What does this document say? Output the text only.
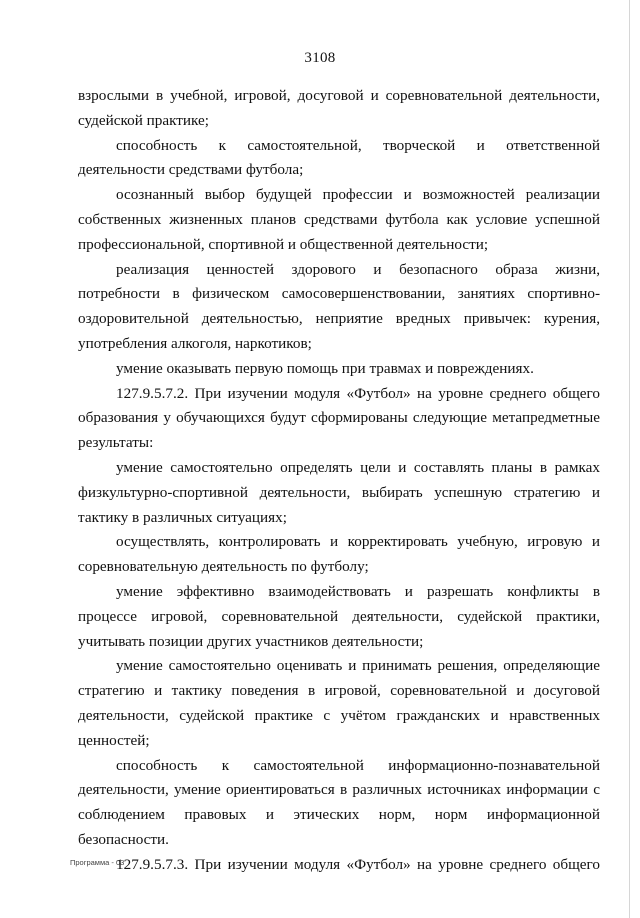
3108

взрослыми в учебной, игровой, досуговой и соревновательной деятельности, судейской практике;

способность к самостоятельной, творческой и ответственной деятельности средствами футбола;

осознанный выбор будущей профессии и возможностей реализации собственных жизненных планов средствами футбола как условие успешной профессиональной, спортивной и общественной деятельности;

реализация ценностей здорового и безопасного образа жизни, потребности в физическом самосовершенствовании, занятиях спортивно-оздоровительной деятельностью, неприятие вредных привычек: курения, употребления алкоголя, наркотиков;

умение оказывать первую помощь при травмах и повреждениях.

127.9.5.7.2. При изучении модуля «Футбол» на уровне среднего общего образования у обучающихся будут сформированы следующие метапредметные результаты:

умение самостоятельно определять цели и составлять планы в рамках физкультурно-спортивной деятельности, выбирать успешную стратегию и тактику в различных ситуациях;

осуществлять, контролировать и корректировать учебную, игровую и соревновательную деятельность по футболу;

умение эффективно взаимодействовать и разрешать конфликты в процессе игровой, соревновательной деятельности, судейской практики, учитывать позиции других участников деятельности;

умение самостоятельно оценивать и принимать решения, определяющие стратегию и тактику поведения в игровой, соревновательной и досуговой деятельности, судейской практике с учётом гражданских и нравственных ценностей;

способность к самостоятельной информационно-познавательной деятельности, умение ориентироваться в различных источниках информации с соблюдением правовых и этических норм, норм информационной безопасности.

127.9.5.7.3. При изучении модуля «Футбол» на уровне среднего общего

Программа - 03
